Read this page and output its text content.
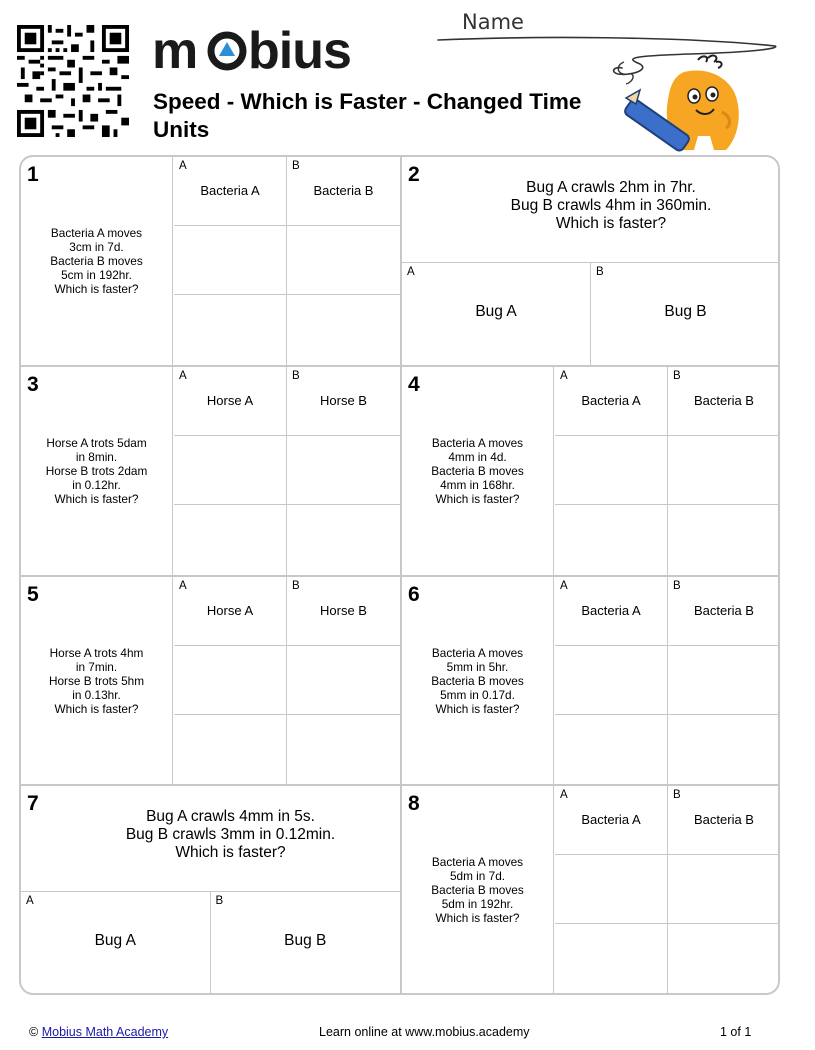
m bius
Speed - Which is Faster - Changed Time Units
Name
Bacteria A moves
3cm in 7d.
Bacteria B moves
5cm in 192hr.
Which is faster?
1	A
Bacteria A
B
Bacteria B
2
Bug A crawls 2hm in 7hr.
Bug B crawls 4hm in 360min.
Which is faster?
A
Bug A
B
Bug B
Horse A trots 5dam
in 8min.
Horse B trots 2dam
in 0.12hr.
Which is faster?
3	A
Horse A
B
Horse B
Bacteria A moves
4mm in 4d.
Bacteria B moves
4mm in 168hr.
Which is faster?
4	A
Bacteria A
B
Bacteria B
Horse A trots 4hm
in 7min.
Horse B trots 5hm
in 0.13hr.
Which is faster?
5	A
Horse A
B
Horse B
Bacteria A moves
5mm in 5hr.
Bacteria B moves
5mm in 0.17d.
Which is faster?
6	A
Bacteria A
B
Bacteria B
7
Bug A crawls 4mm in 5s.
Bug B crawls 3mm in 0.12min.
Which is faster?
A
Bug A
B
Bug B
Bacteria A moves
5dm in 7d.
Bacteria B moves
5dm in 192hr.
Which is faster?
8	A
Bacteria A
B
Bacteria B
© Mobius Math Academy	Learn online at www.mobius.academy	1 of 1
